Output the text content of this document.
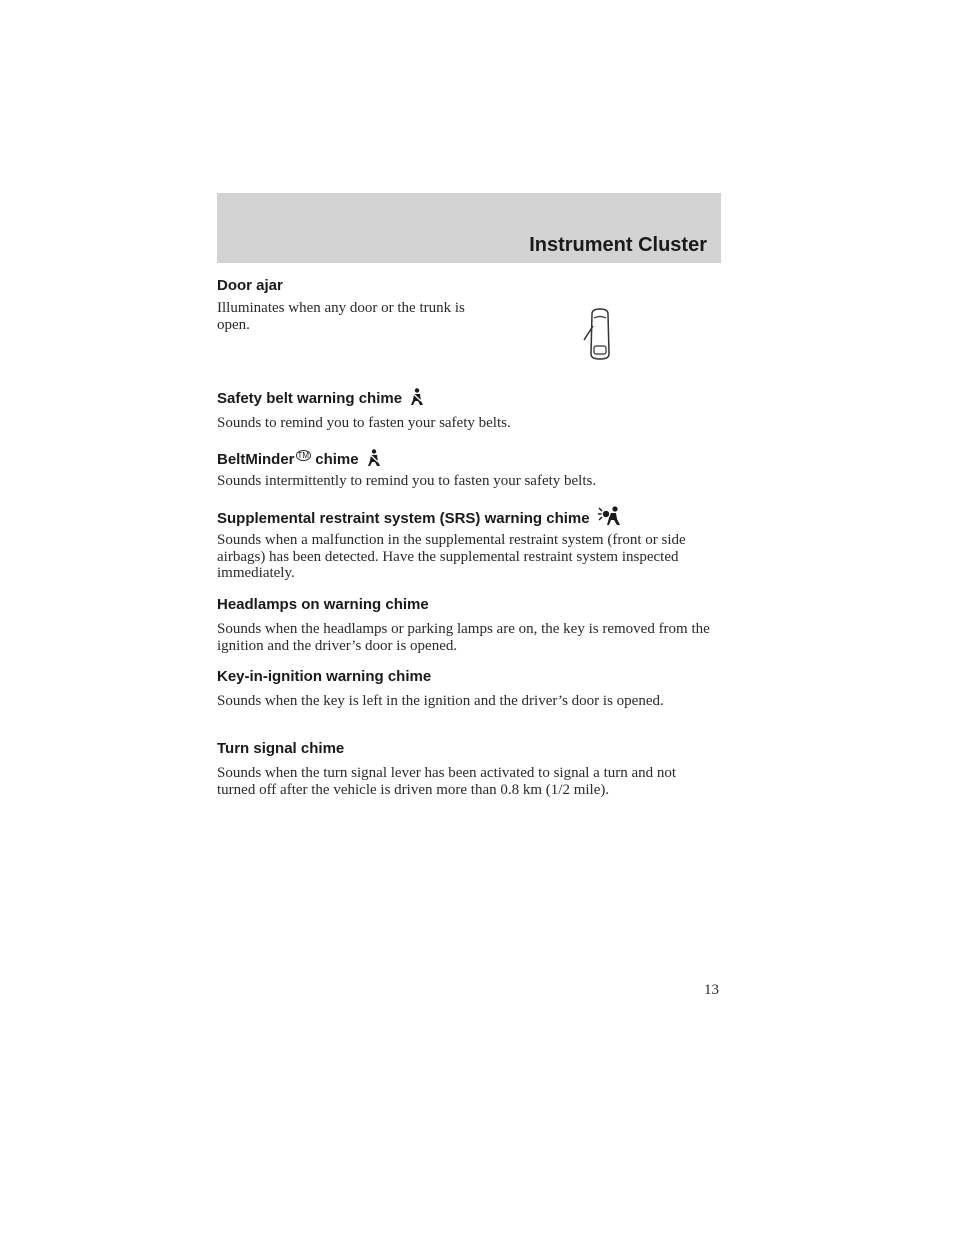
Instrument Cluster
Door ajar
Illuminates when any door or the trunk is open.
Safety belt warning chime
Sounds to remind you to fasten your safety belts.
BeltMinder ™ chime
Sounds intermittently to remind you to fasten your safety belts.
Supplemental restraint system (SRS) warning chime
Sounds when a malfunction in the supplemental restraint system (front or side airbags) has been detected. Have the supplemental restraint system inspected immediately.
Headlamps on warning chime
Sounds when the headlamps or parking lamps are on, the key is removed from the ignition and the driver’s door is opened.
Key-in-ignition warning chime
Sounds when the key is left in the ignition and the driver’s door is opened.
Turn signal chime
Sounds when the turn signal lever has been activated to signal a turn and not turned off after the vehicle is driven more than 0.8 km (1/2 mile).
13
